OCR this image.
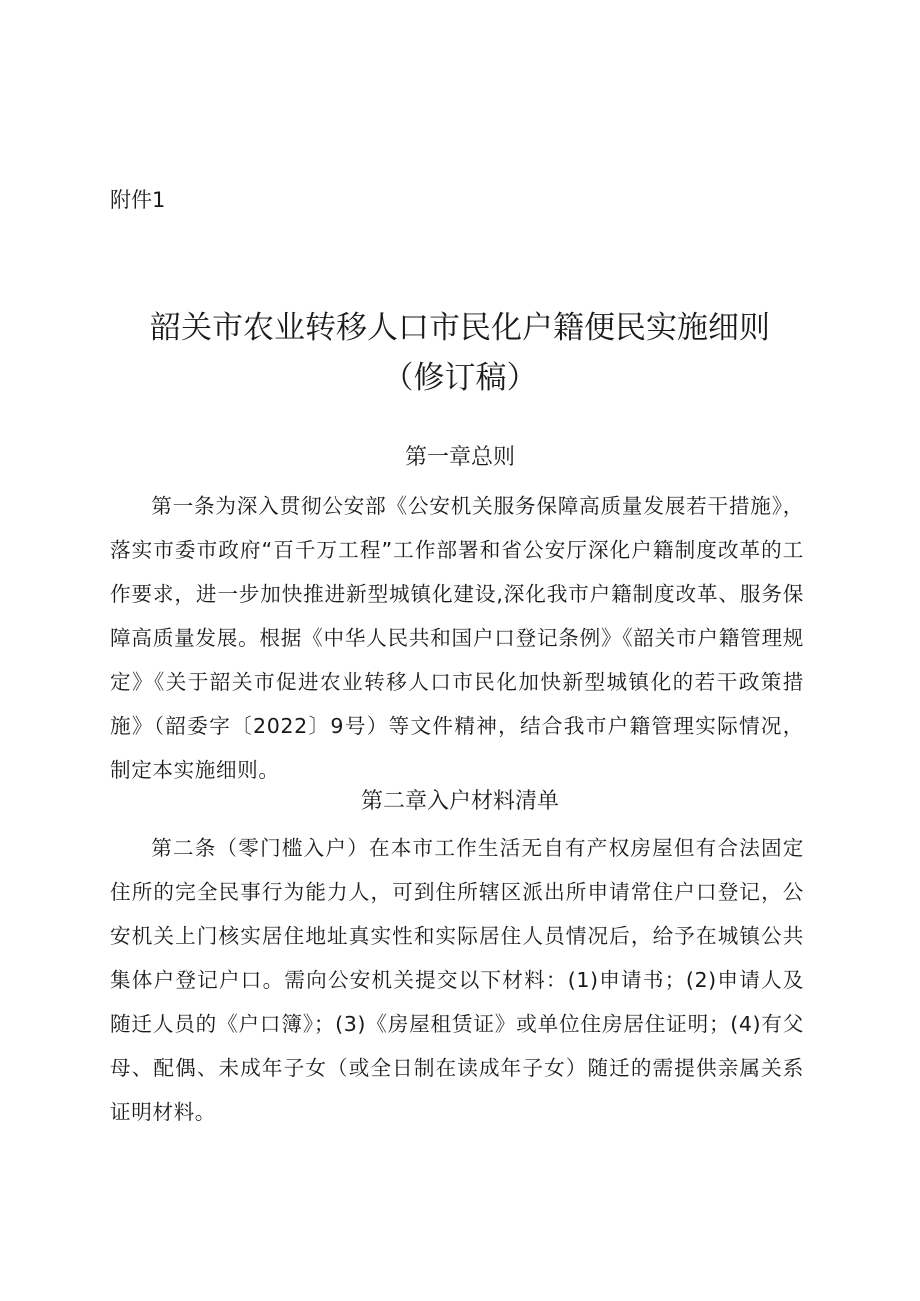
附件1
韶关市农业转移人口市民化户籍便民实施细则
（修订稿）
第一章总则

第一条为深入贯彻公安部《公安机关服务保障高质量发展若干措施》，落实市委市政府“百千万工程”工作部署和省公安厅深化户籍制度改革的工作要求，进一步加快推进新型城镇化建设,深化我市户籍制度改革、服务保障高质量发展。根据《中华人民共和国户口登记条例》《韶关市户籍管理规定》《关于韶关市促进农业转移人口市民化加快新型城镇化的若干政策措施》（韶委字〔2022〕9号）等文件精神，结合我市户籍管理实际情况，制定本实施细则。

第二章入户材料清单

第二条（零门槛入户）在本市工作生活无自有产权房屋但有合法固定住所的完全民事行为能力人，可到住所辖区派出所申请常住户口登记，公安机关上门核实居住地址真实性和实际居住人员情况后，给予在城镇公共集体户登记户口。需向公安机关提交以下材料：(1)申请书；(2)申请人及随迁人员的《户口簿》；(3)《房屋租赁证》或单位住房居住证明；(4)有父母、配偶、未成年子女（或全日制在读成年子女）随迁的需提供亲属关系证明材料。
